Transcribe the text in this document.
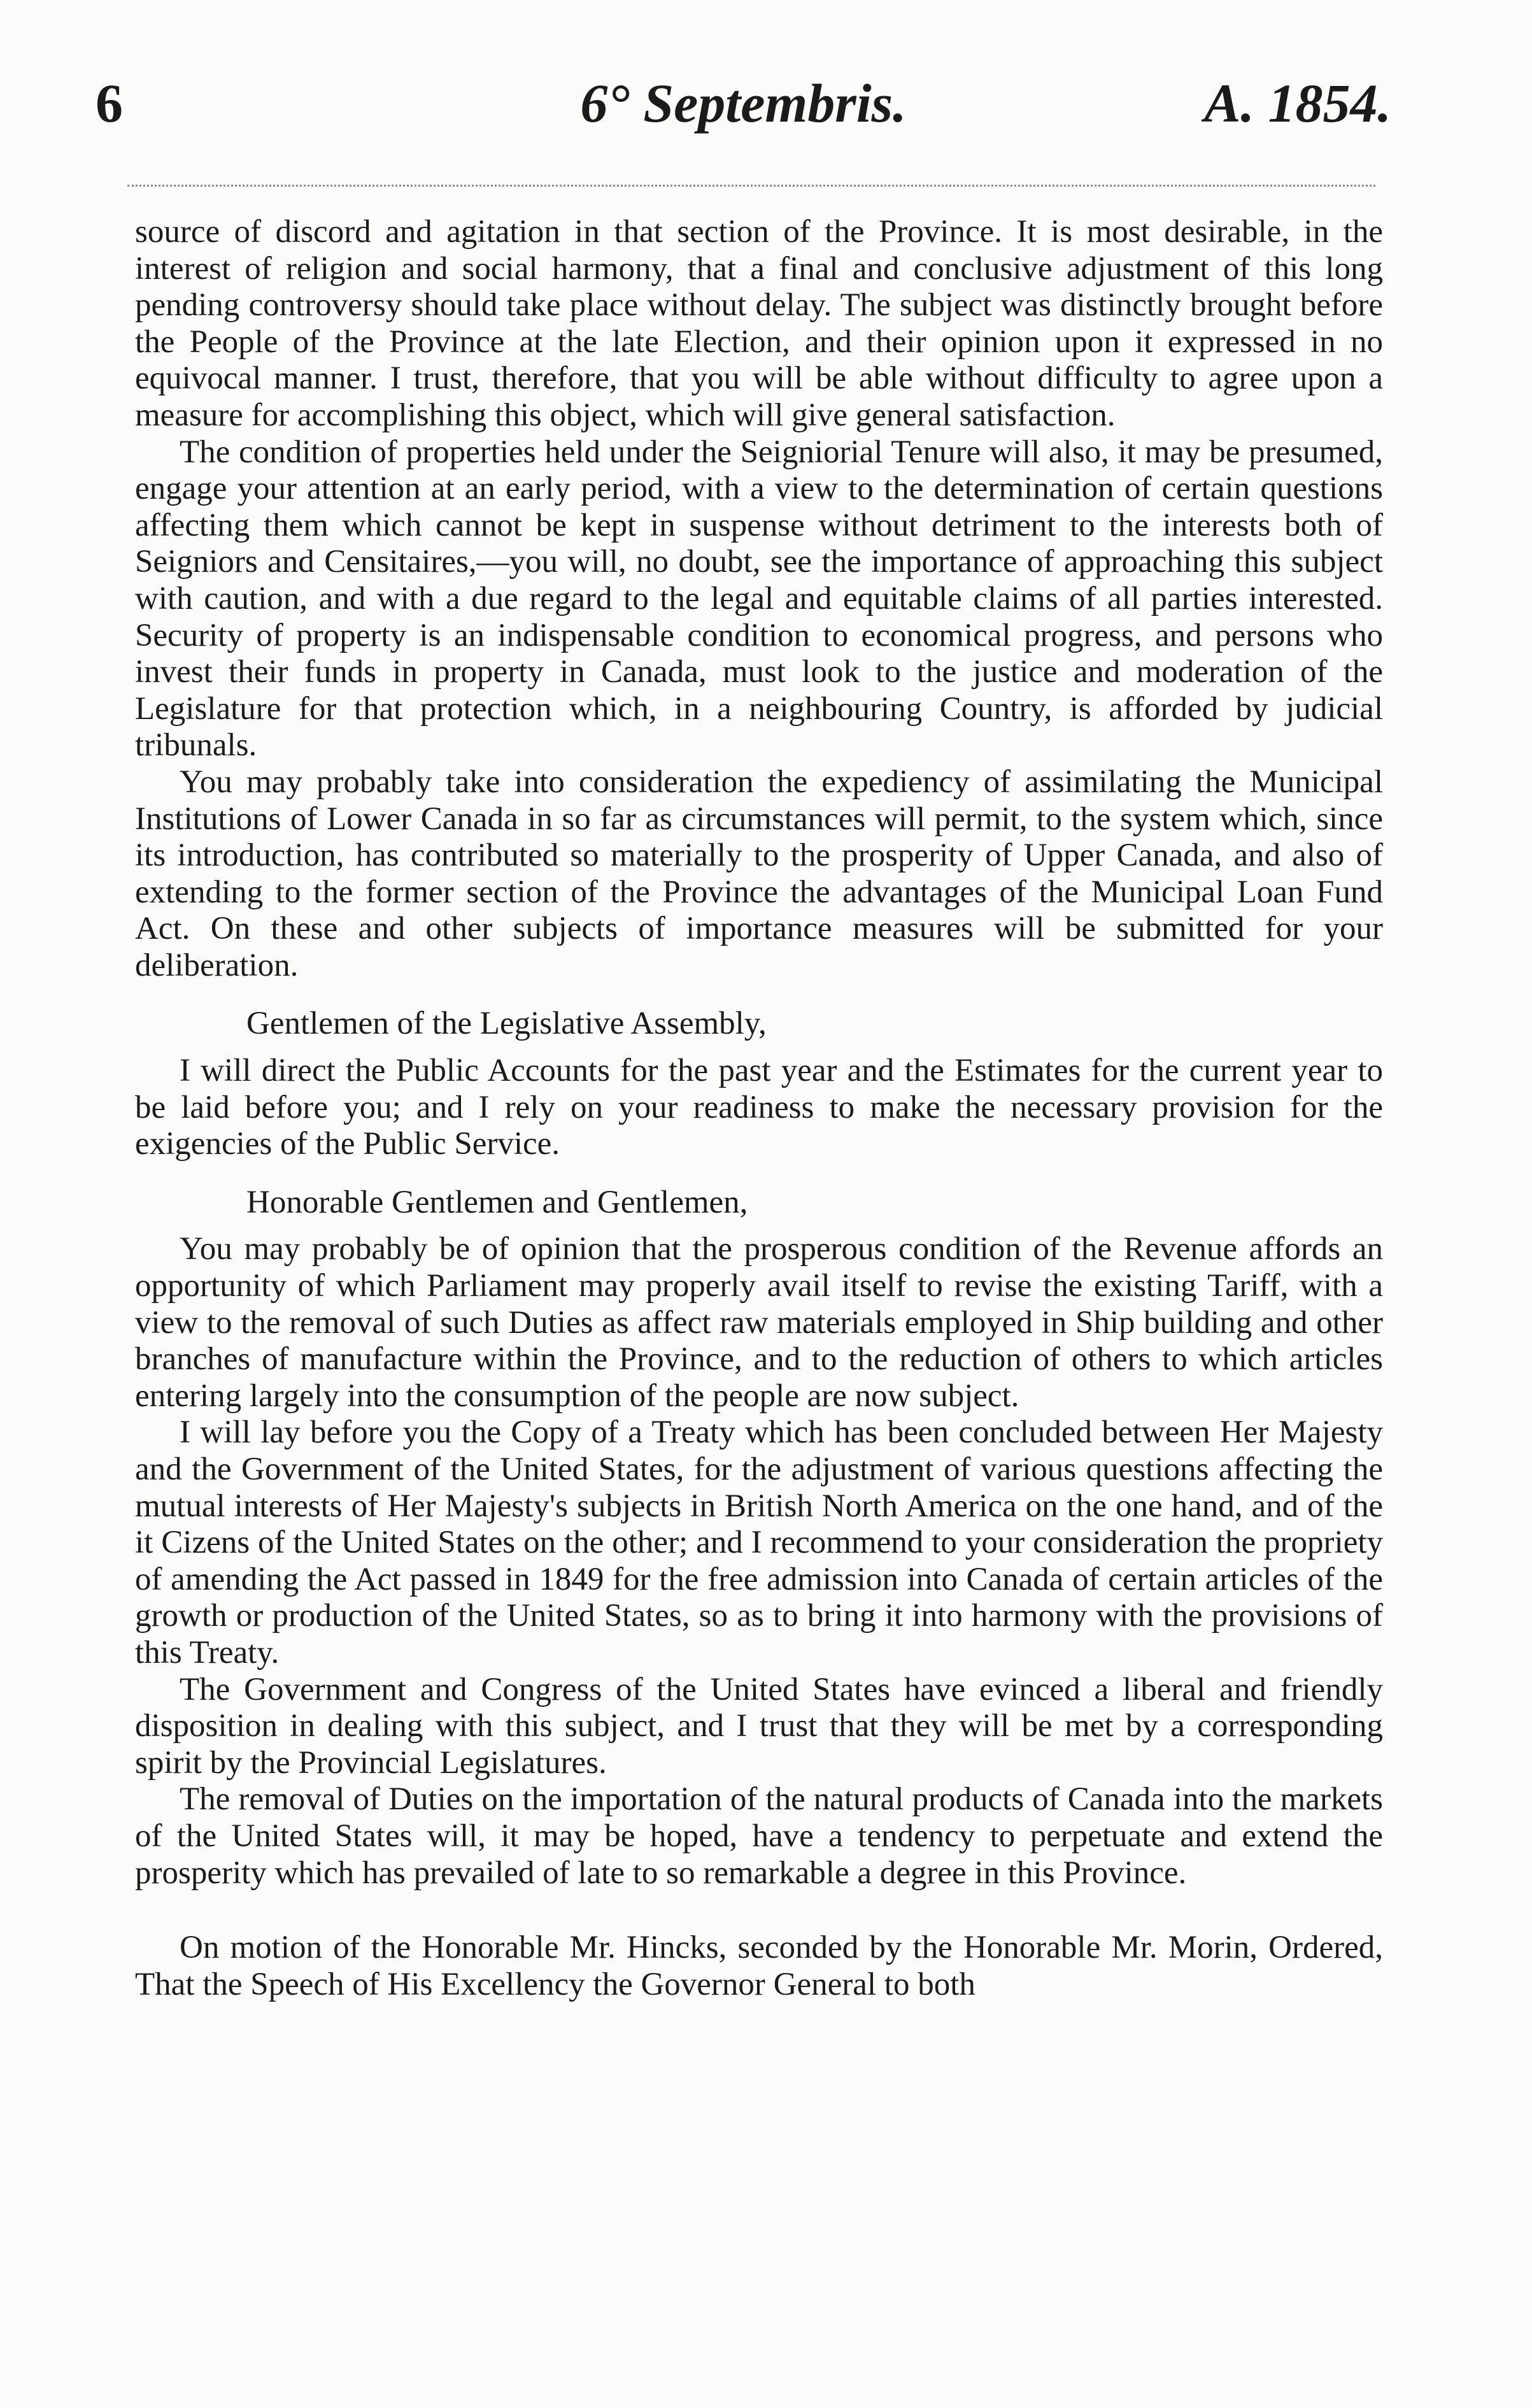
6	6° Septembris.	A. 1854.

source of discord and agitation in that section of the Province. It is most desirable, in the interest of religion and social harmony, that a final and conclusive adjustment of this long pending controversy should take place without delay. The subject was distinctly brought before the People of the Province at the late Election, and their opinion upon it expressed in no equivocal manner. I trust, therefore, that you will be able without difficulty to agree upon a measure for accomplishing this object, which will give general satisfaction.

The condition of properties held under the Seigniorial Tenure will also, it may be presumed, engage your attention at an early period, with a view to the determination of certain questions affecting them which cannot be kept in suspense without detriment to the interests both of Seigniors and Censitaires,—you will, no doubt, see the importance of approaching this subject with caution, and with a due regard to the legal and equitable claims of all parties interested. Security of property is an indispensable condition to economical progress, and persons who invest their funds in property in Canada, must look to the justice and moderation of the Legislature for that protection which, in a neighbouring Country, is afforded by judicial tribunals.

You may probably take into consideration the expediency of assimilating the Municipal Institutions of Lower Canada in so far as circumstances will permit, to the system which, since its introduction, has contributed so materially to the prosperity of Upper Canada, and also of extending to the former section of the Province the advantages of the Municipal Loan Fund Act. On these and other subjects of importance measures will be submitted for your deliberation.

Gentlemen of the Legislative Assembly,

I will direct the Public Accounts for the past year and the Estimates for the current year to be laid before you; and I rely on your readiness to make the necessary provision for the exigencies of the Public Service.

Honorable Gentlemen and Gentlemen,

You may probably be of opinion that the prosperous condition of the Revenue affords an opportunity of which Parliament may properly avail itself to revise the existing Tariff, with a view to the removal of such Duties as affect raw materials employed in Ship building and other branches of manufacture within the Province, and to the reduction of others to which articles entering largely into the consumption of the people are now subject.

I will lay before you the Copy of a Treaty which has been concluded between Her Majesty and the Government of the United States, for the adjustment of various questions affecting the mutual interests of Her Majesty's subjects in British North America on the one hand, and of the it Cizens of the United States on the other; and I recommend to your consideration the propriety of amending the Act passed in 1849 for the free admission into Canada of certain articles of the growth or production of the United States, so as to bring it into harmony with the provisions of this Treaty.

The Government and Congress of the United States have evinced a liberal and friendly disposition in dealing with this subject, and I trust that they will be met by a corresponding spirit by the Provincial Legislatures.

The removal of Duties on the importation of the natural products of Canada into the markets of the United States will, it may be hoped, have a tendency to perpetuate and extend the prosperity which has prevailed of late to so remarkable a degree in this Province.

On motion of the Honorable Mr. Hincks, seconded by the Honorable Mr. Morin, Ordered, That the Speech of His Excellency the Governor General to both
